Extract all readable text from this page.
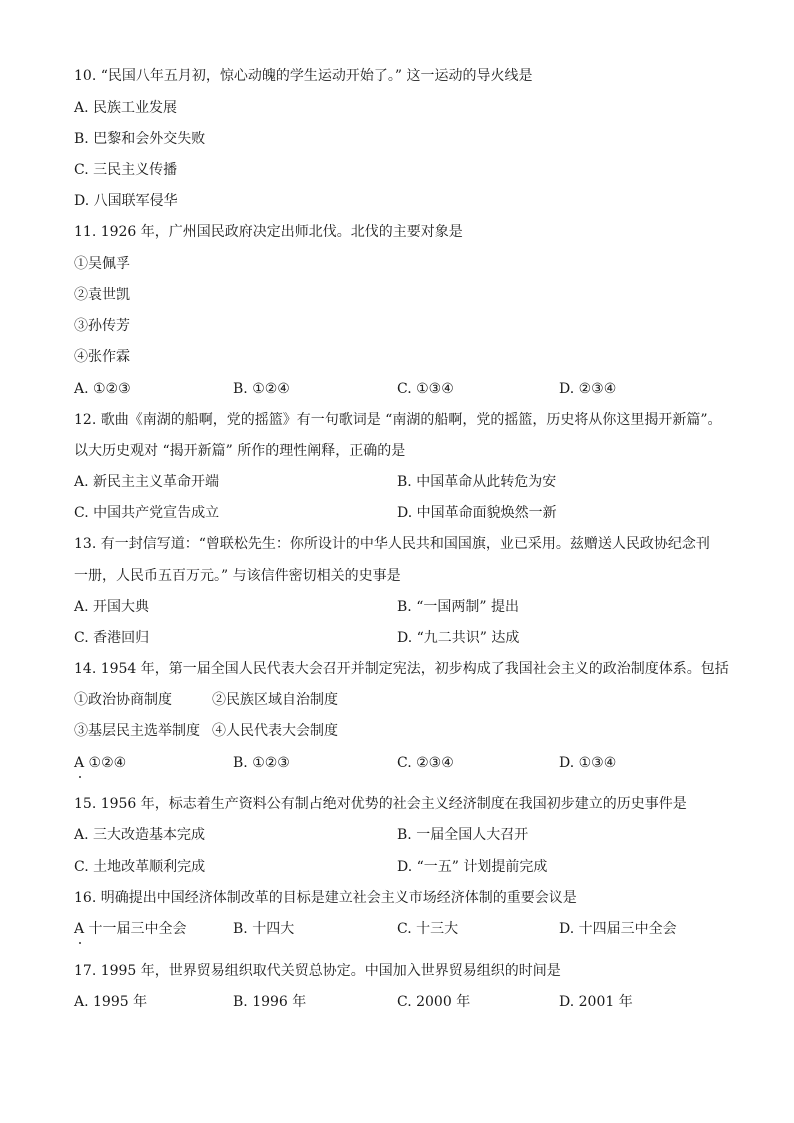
10. “民国八年五月初，惊心动魄的学生运动开始了。” 这一运动的导火线是
A. 民族工业发展
B. 巴黎和会外交失败
C. 三民主义传播
D. 八国联军侵华
11. 1926 年，广州国民政府决定出师北伐。北伐的主要对象是
①吴佩孚
②袁世凯
③孙传芳
④张作霖
A. ①②③	B. ①②④	C. ①③④	D. ②③④
12. 歌曲《南湖的船啊，党的摇篮》有一句歌词是 “南湖的船啊，党的摇篮，历史将从你这里揭开新篇”。
以大历史观对 “揭开新篇” 所作的理性阐释，正确的是
A. 新民主主义革命开端	B. 中国革命从此转危为安
C. 中国共产党宣告成立	D. 中国革命面貌焕然一新
13. 有一封信写道：“曾联松先生：你所设计的中华人民共和国国旗，业已采用。兹赠送人民政协纪念刊
一册，人民币五百万元。” 与该信件密切相关的史事是
A. 开国大典	B. “一国两制” 提出
C. 香港回归	D. “九二共识” 达成
14. 1954 年，第一届全国人民代表大会召开并制定宪法，初步构成了我国社会主义的政治制度体系。包括
①政治协商制度	②民族区域自治制度
③基层民主选举制度 ④人民代表大会制度
A ①②④	B. ①②③	C. ②③④	D. ①③④
15. 1956 年，标志着生产资料公有制占绝对优势的社会主义经济制度在我国初步建立的历史事件是
A. 三大改造基本完成	B. 一届全国人大召开
C. 土地改革顺利完成	D. “一五” 计划提前完成
16. 明确提出中国经济体制改革的目标是建立社会主义市场经济体制的重要会议是
A 十一届三中全会	B. 十四大	C. 十三大	D. 十四届三中全会
17. 1995 年，世界贸易组织取代关贸总协定。中国加入世界贸易组织的时间是
A. 1995 年	B. 1996 年	C. 2000 年	D. 2001 年
